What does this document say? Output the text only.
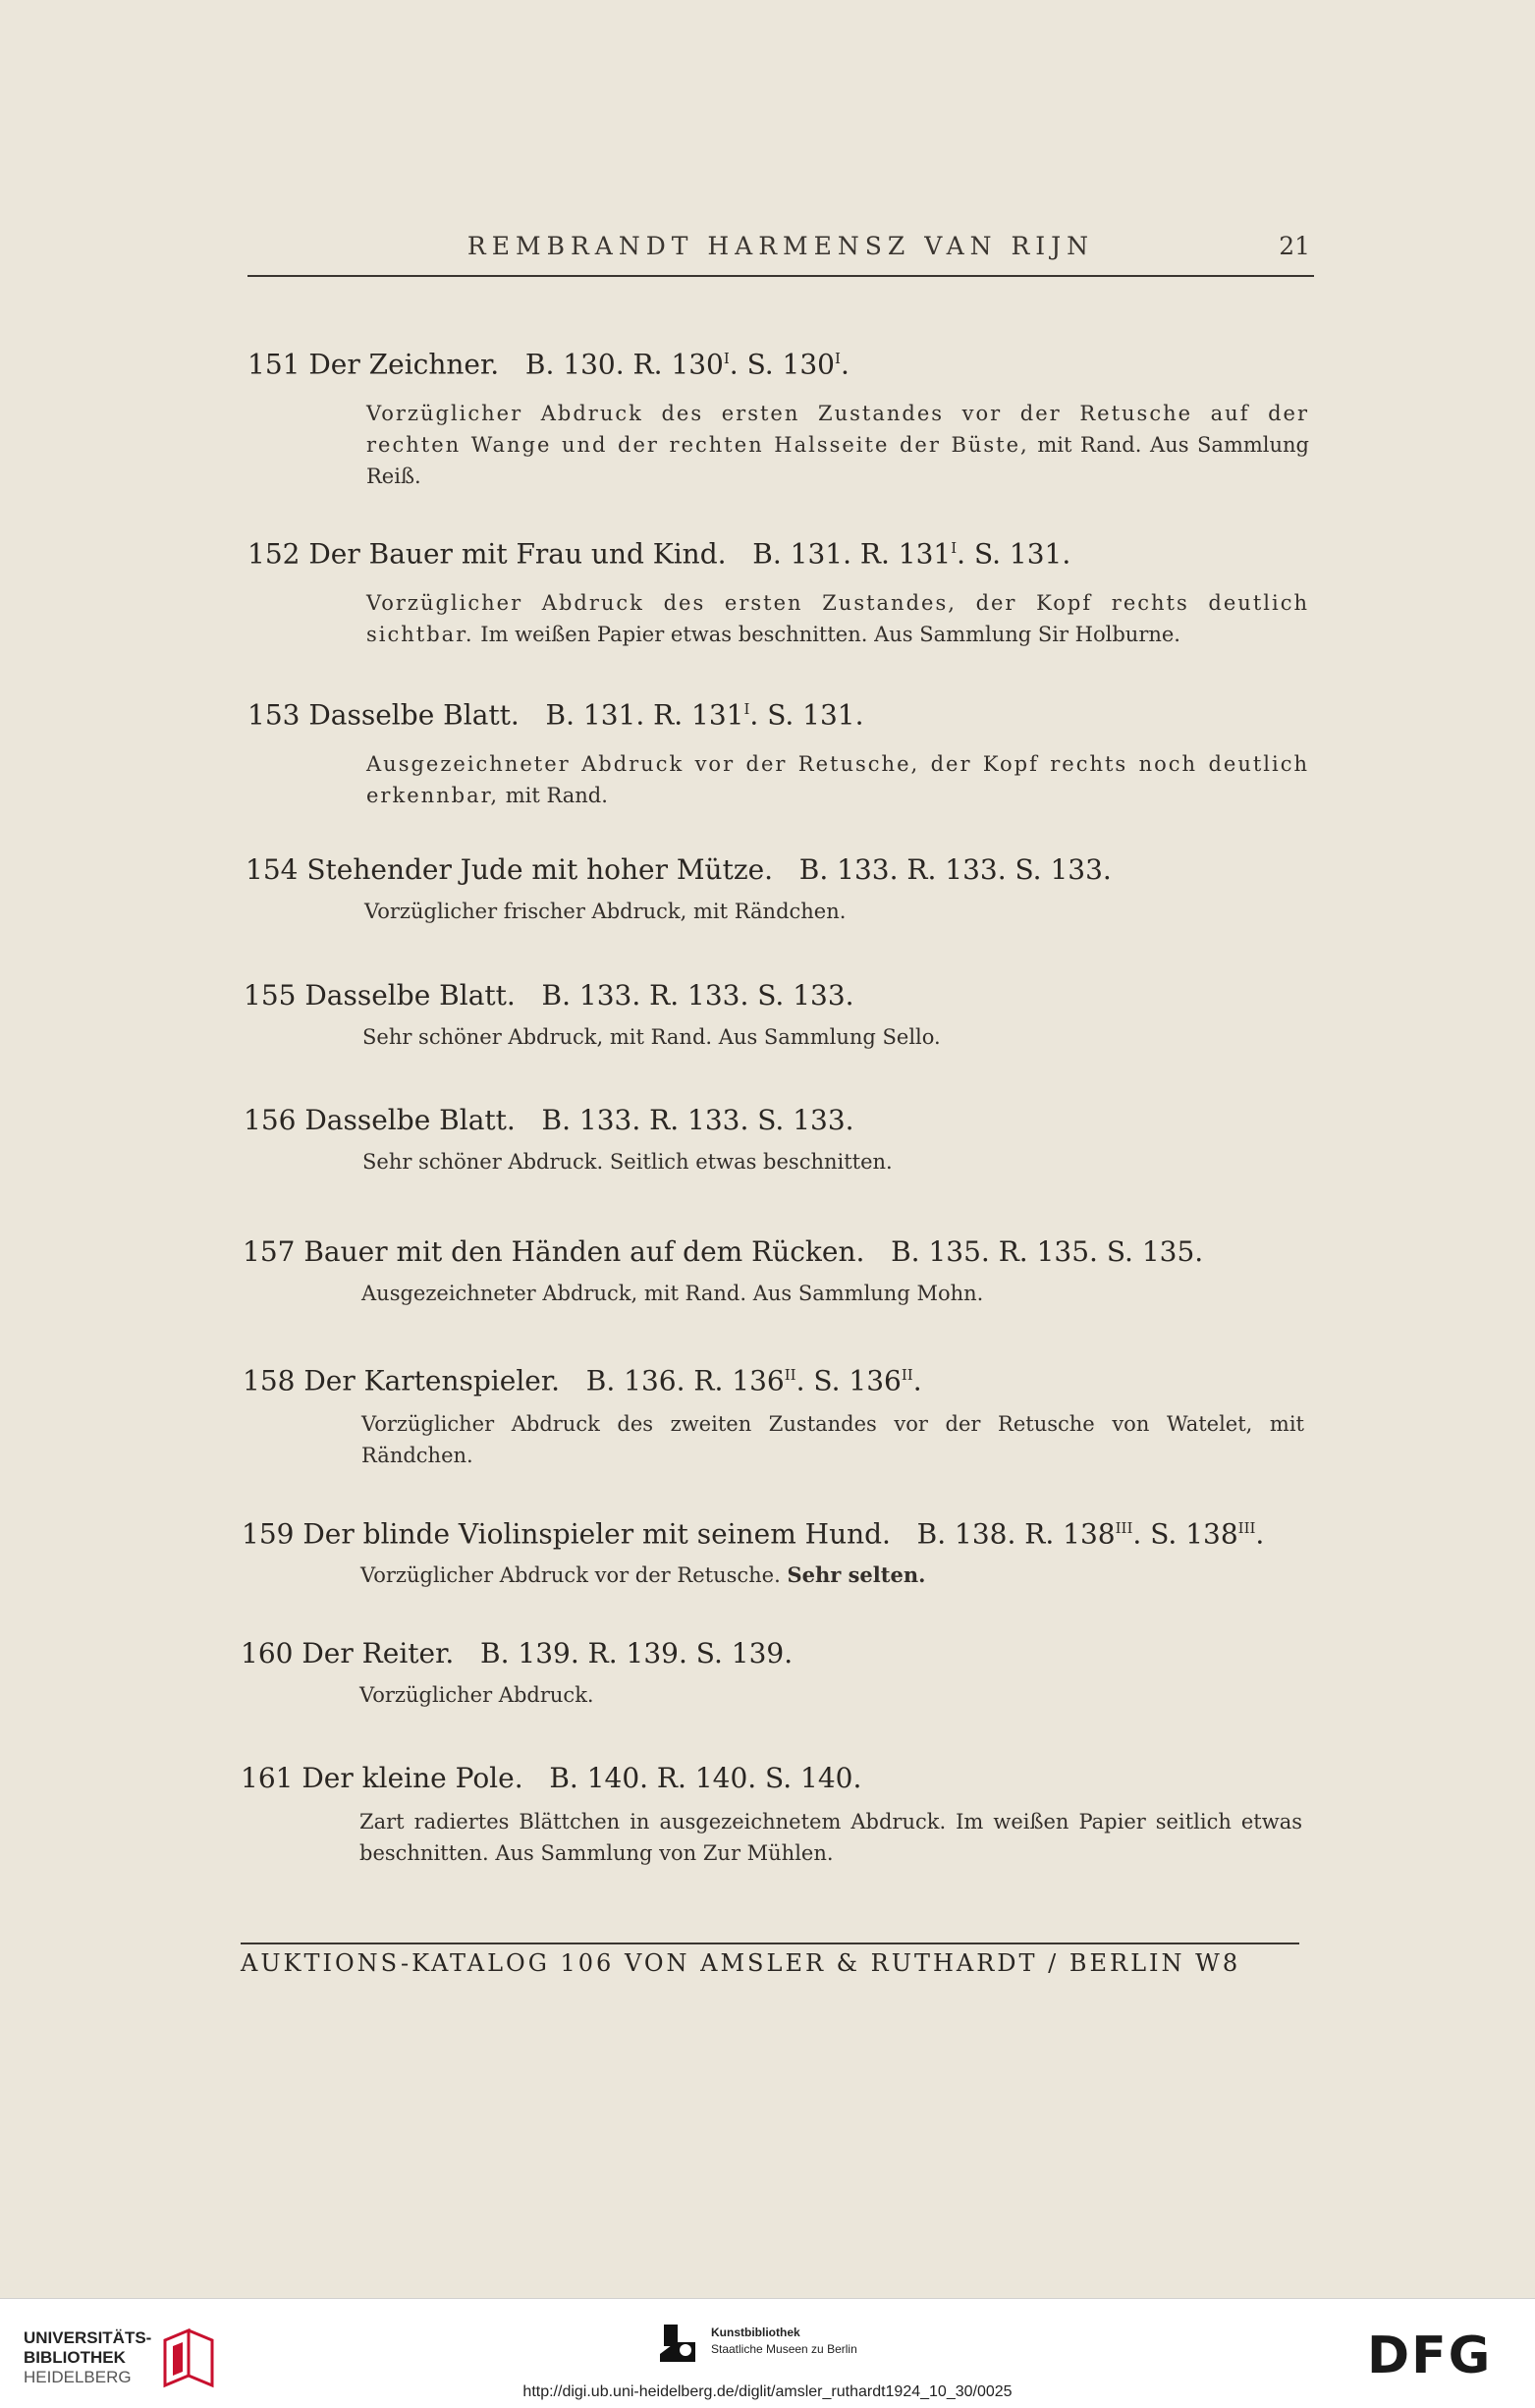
REMBRANDT HARMENSZ VAN RIJN	21
151 Der Zeichner. B. 130. R. $130^I$. S. $130^I$.
Vorzüglicher Abdruck des ersten Zustandes vor der Retusche auf der rechten Wange und der rechten Halsseite der Büste, mit Rand. Aus Sammlung Reiß.
152 Der Bauer mit Frau und Kind. B. 131. R. $131^I$. S. 131.
Vorzüglicher Abdruck des ersten Zustandes, der Kopf rechts deutlich sichtbar. Im weißen Papier etwas beschnitten. Aus Sammlung Sir Holburne.
153 Dasselbe Blatt. B. 131. R. $131^I$. S. 131.
Ausgezeichneter Abdruck vor der Retusche, der Kopf rechts noch deutlich erkennbar, mit Rand.
154 Stehender Jude mit hoher Mütze. B. 133. R. 133. S. 133.
Vorzüglicher frischer Abdruck, mit Rändchen.
155 Dasselbe Blatt. B. 133. R. 133. S. 133.
Sehr schöner Abdruck, mit Rand. Aus Sammlung Sello.
156 Dasselbe Blatt. B. 133. R. 133. S. 133.
Sehr schöner Abdruck. Seitlich etwas beschnitten.
157 Bauer mit den Händen auf dem Rücken. B. 135. R. 135. S. 135.
Ausgezeichneter Abdruck, mit Rand. Aus Sammlung Mohn.
158 Der Kartenspieler. B. 136. R. $136^{II}$. S. $136^{II}$.
Vorzüglicher Abdruck des zweiten Zustandes vor der Retusche von Watelet, mit Rändchen.
159 Der blinde Violinspieler mit seinem Hund. B. 138. R. $138^{III}$. S. $138^{III}$.
Vorzüglicher Abdruck vor der Retusche. Sehr selten.
160 Der Reiter. B. 139. R. 139. S. 139.
Vorzüglicher Abdruck.
161 Der kleine Pole. B. 140. R. 140. S. 140.
Zart radiertes Blättchen in ausgezeichnetem Abdruck. Im weißen Papier seitlich etwas beschnitten. Aus Sammlung von Zur Mühlen.
AUKTIONS-KATALOG 106 VON AMSLER & RUTHARDT / BERLIN W8
UNIVERSITÄTS-
BIBLIOTHEK
HEIDELBERG
Kunstbibliothek
Staatliche Museen zu Berlin	DFG
http://digi.ub.uni-heidelberg.de/diglit/amsler_ruthardt1924_10_30/0025
